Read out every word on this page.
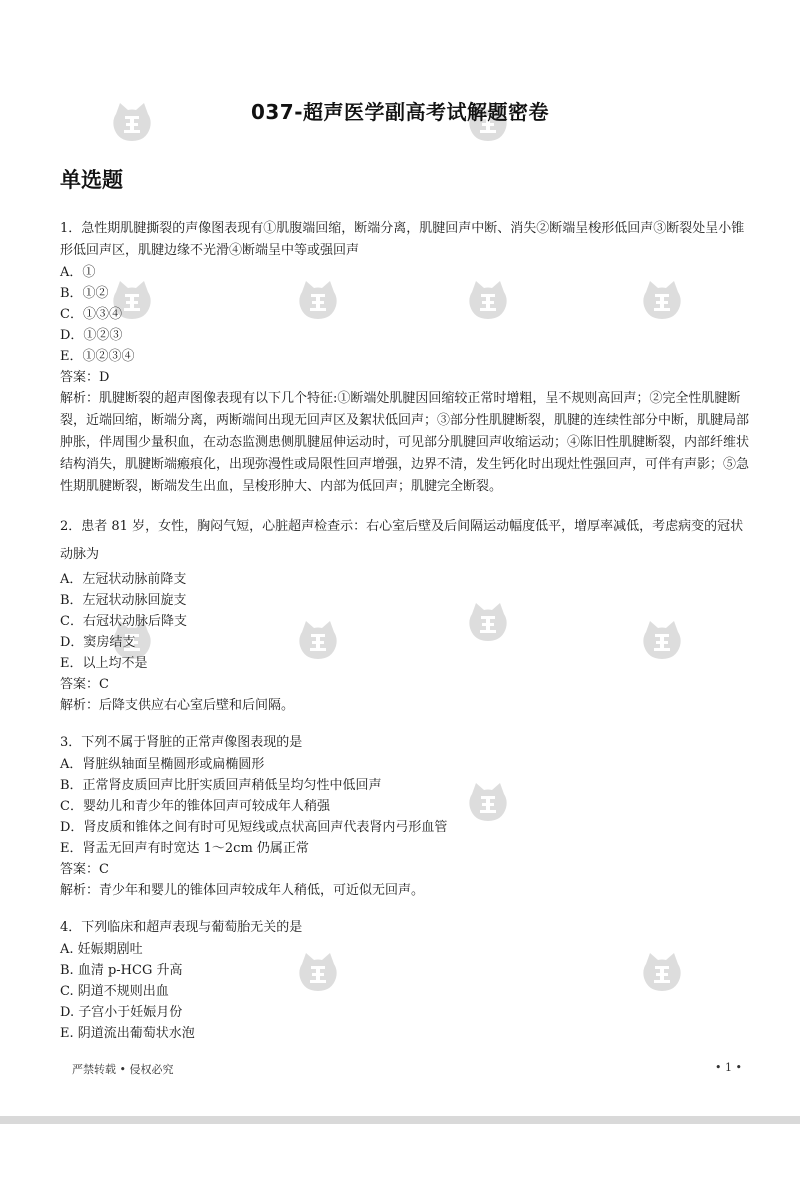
037-超声医学副高考试解题密卷
单选题

1．急性期肌腱撕裂的声像图表现有①肌腹端回缩，断端分离，肌腱回声中断、消失②断端呈梭形低回声③断裂处呈小锥形低回声区，肌腱边缘不光滑④断端呈中等或强回声

A．①

B．①②

C．①③④

D．①②③

E．①②③④

答案：D

解析：肌腱断裂的超声图像表现有以下几个特征:①断端处肌腱因回缩较正常时增粗，呈不规则高回声；②完全性肌腱断裂，近端回缩，断端分离，两断端间出现无回声区及絮状低回声；③部分性肌腱断裂，肌腱的连续性部分中断，肌腱局部肿胀，伴周围少量积血，在动态监测患侧肌腱屈伸运动时，可见部分肌腱回声收缩运动；④陈旧性肌腱断裂，内部纤维状结构消失，肌腱断端瘢痕化，出现弥漫性或局限性回声增强，边界不清，发生钙化时出现灶性强回声，可伴有声影；⑤急性期肌腱断裂，断端发生出血，呈梭形肿大、内部为低回声；肌腱完全断裂。

2．患者 81 岁，女性，胸闷气短，心脏超声检查示：右心室后壁及后间隔运动幅度低平，增厚率减低，考虑病变的冠状动脉为

A．左冠状动脉前降支

B．左冠状动脉回旋支

C．右冠状动脉后降支

D．窦房结支

E．以上均不是

答案：C

解析：后降支供应右心室后壁和后间隔。

3．下列不属于肾脏的正常声像图表现的是

A．肾脏纵轴面呈椭圆形或扁椭圆形

B．正常肾皮质回声比肝实质回声稍低呈均匀性中低回声

C．婴幼儿和青少年的锥体回声可较成年人稍强

D．肾皮质和锥体之间有时可见短线或点状高回声代表肾内弓形血管

E．肾盂无回声有时宽达 1～2cm 仍属正常

答案：C

解析：青少年和婴儿的锥体回声较成年人稍低，可近似无回声。

4．下列临床和超声表现与葡萄胎无关的是

A. 妊娠期剧吐

B. 血清 p-HCG 升高

C. 阴道不规则出血

D. 子宫小于妊娠月份

E. 阴道流出葡萄状水泡

严禁转载 • 侵权必究	• 1 •
